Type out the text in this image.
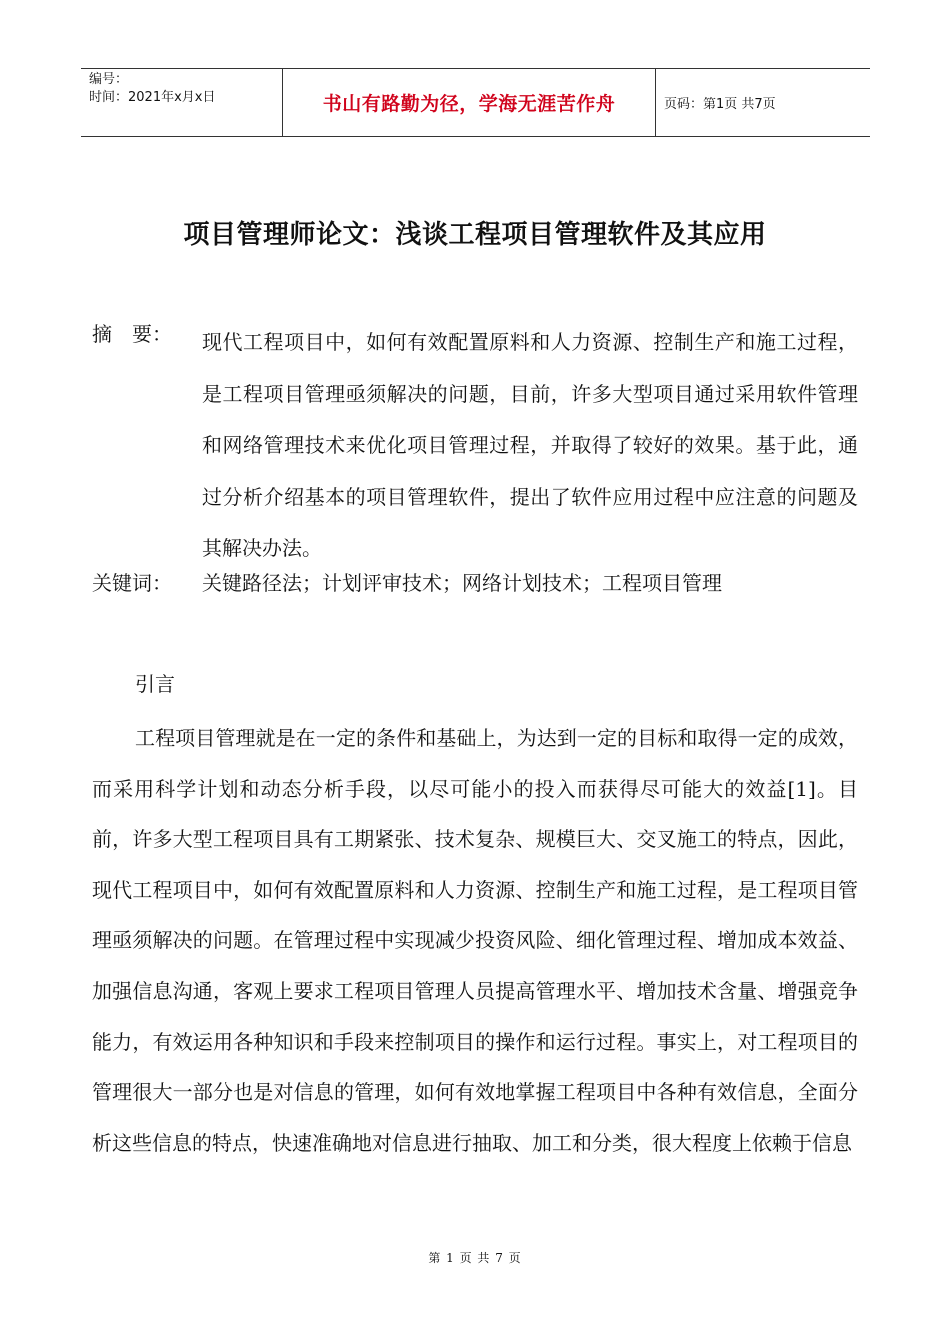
编号：
时间：2021年x月x日	书山有路勤为径，学海无涯苦作舟	页码：第1页 共7页
项目管理师论文：浅谈工程项目管理软件及其应用
摘　要： 现代工程项目中，如何有效配置原料和人力资源、控制生产和施工过程，是工程项目管理亟须解决的问题，目前，许多大型项目通过采用软件管理和网络管理技术来优化项目管理过程，并取得了较好的效果。基于此，通过分析介绍基本的项目管理软件，提出了软件应用过程中应注意的问题及其解决办法。
关键词： 关键路径法；计划评审技术；网络计划技术；工程项目管理
引言

工程项目管理就是在一定的条件和基础上，为达到一定的目标和取得一定的成效，而采用科学计划和动态分析手段，以尽可能小的投入而获得尽可能大的效益[1]。目前，许多大型工程项目具有工期紧张、技术复杂、规模巨大、交叉施工的特点，因此，现代工程项目中，如何有效配置原料和人力资源、控制生产和施工过程，是工程项目管理亟须解决的问题。在管理过程中实现减少投资风险、细化管理过程、增加成本效益、加强信息沟通，客观上要求工程项目管理人员提高管理水平、增加技术含量、增强竞争能力，有效运用各种知识和手段来控制项目的操作和运行过程。事实上，对工程项目的管理很大一部分也是对信息的管理，如何有效地掌握工程项目中各种有效信息，全面分析这些信息的特点，快速准确地对信息进行抽取、加工和分类，很大程度上依赖于信息

第 1 页 共 7 页
